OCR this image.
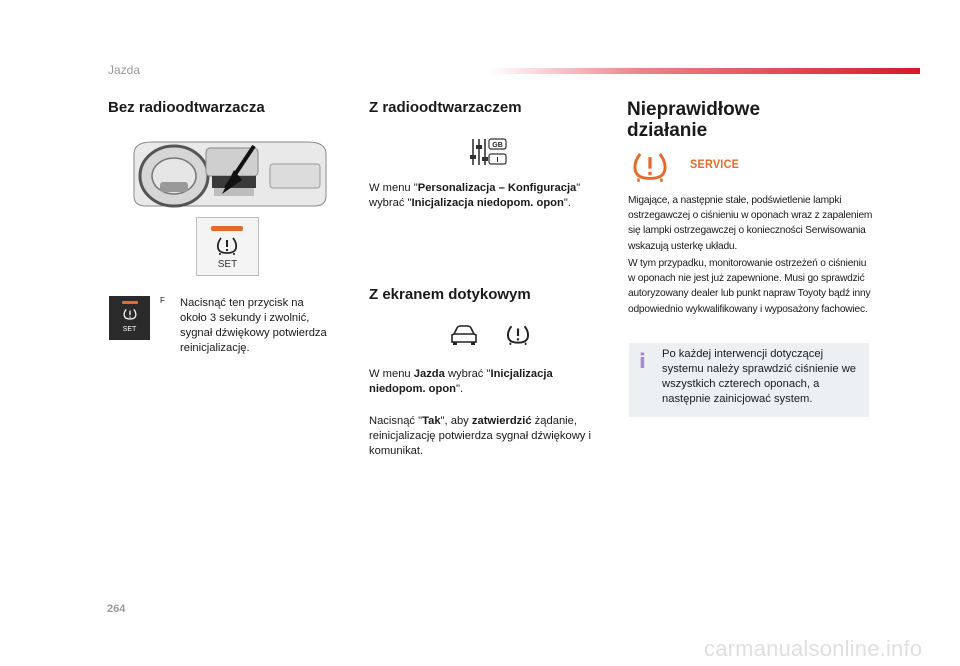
Jazda
Bez radioodtwarzacza
SET
SET
F Nacisnąć ten przycisk na około 3 sekundy i zwolnić, sygnał dźwiękowy potwierdza reinicjalizację.
Z radioodtwarzaczem
GB
I
W menu "Personalizacja – Konfiguracja" wybrać "Inicjalizacja niedopom. opon".
Z ekranem dotykowym
W menu Jazda wybrać "Inicjalizacja niedopom. opon".
Nacisnąć "Tak", aby zatwierdzić żądanie, reinicjalizację potwierdza sygnał dźwiękowy i komunikat.
Nieprawidłowe
działanie
SERVICE
Migające, a następnie stałe, podświetlenie lampki ostrzegawczej o ciśnieniu w oponach wraz z zapaleniem się lampki ostrzegawczej o konieczności Serwisowania wskazują usterkę układu.
W tym przypadku, monitorowanie ostrzeżeń o ciśnieniu w oponach nie jest już zapewnione. Musi go sprawdzić autoryzowany dealer lub punkt napraw Toyoty bądź inny odpowiednio wykwalifikowany i wyposażony fachowiec.
i Po każdej interwencji dotyczącej systemu należy sprawdzić ciśnienie we wszystkich czterech oponach, a następnie zainicjować system.
264
carmanualsonline.info
